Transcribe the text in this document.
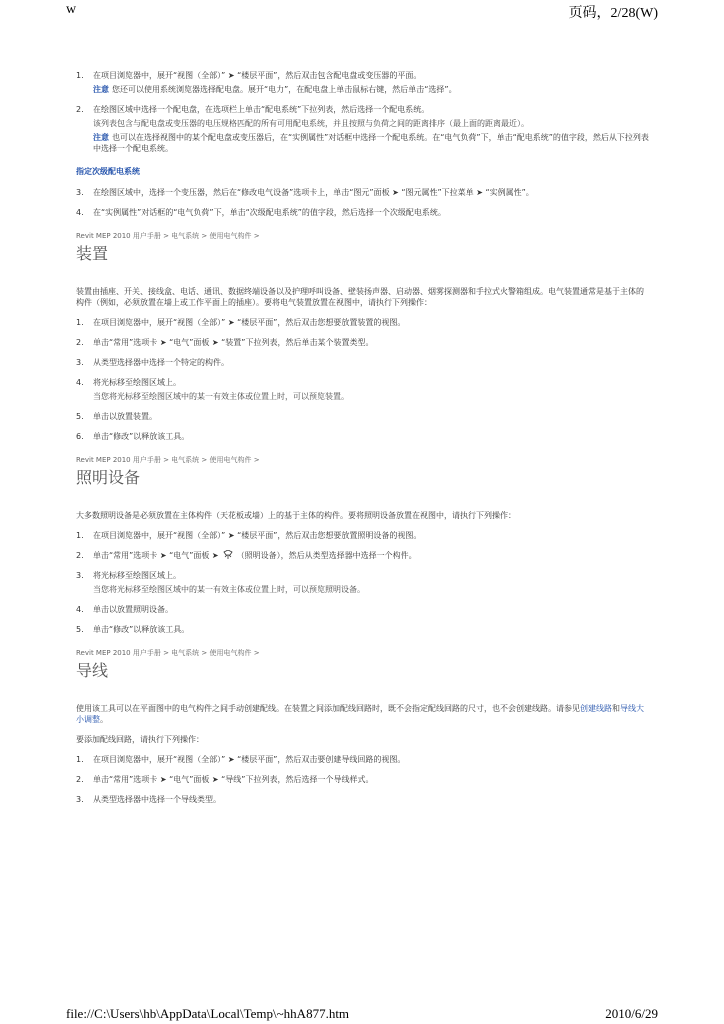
w	页码，2/28(W)
1. 在项目浏览器中，展开“视图（全部）” ➤ “楼层平面”，然后双击包含配电盘或变压器的平面。
注意 您还可以使用系统浏览器选择配电盘。展开“电力”，在配电盘上单击鼠标右键，然后单击“选择”。
2. 在绘图区域中选择一个配电盘，在选项栏上单击“配电系统”下拉列表，然后选择一个配电系统。
该列表包含与配电盘或变压器的电压规格匹配的所有可用配电系统，并且按照与负荷之间的距离排序（最上面的距离最近）。
注意 也可以在选择视图中的某个配电盘或变压器后，在“实例属性”对话框中选择一个配电系统。在“电气负荷”下，单击“配电系统”的值字段，然后从下拉列表中选择一个配电系统。
指定次级配电系统
3. 在绘图区域中，选择一个变压器，然后在“修改电气设备”选项卡上，单击“图元”面板 ➤ “图元属性”下拉菜单 ➤ “实例属性”。
4. 在“实例属性”对话框的“电气负荷”下，单击“次级配电系统”的值字段，然后选择一个次级配电系统。
Revit MEP 2010 用户手册 > 电气系统 > 使用电气构件 >
装置
装置由插座、开关、接线盒、电话、通讯、数据终端设备以及护理呼叫设备、壁装扬声器、启动器、烟雾探测器和手拉式火警箱组成。电气装置通常是基于主体的构件（例如，必须放置在墙上或工作平面上的插座）。要将电气装置放置在视图中，请执行下列操作：
1. 在项目浏览器中，展开“视图（全部）” ➤ “楼层平面”，然后双击您想要放置装置的视图。
2. 单击“常用”选项卡 ➤ “电气”面板 ➤ “装置”下拉列表，然后单击某个装置类型。
3. 从类型选择器中选择一个特定的构件。
4. 将光标移至绘图区域上。
当您将光标移至绘图区域中的某一有效主体或位置上时，可以预览装置。
5. 单击以放置装置。
6. 单击“修改”以释放该工具。
Revit MEP 2010 用户手册 > 电气系统 > 使用电气构件 >
照明设备
大多数照明设备是必须放置在主体构件（天花板或墙）上的基于主体的构件。要将照明设备放置在视图中，请执行下列操作：
1. 在项目浏览器中，展开“视图（全部）” ➤ “楼层平面”，然后双击您想要放置照明设备的视图。
2. 单击“常用”选项卡 ➤ “电气”面板 ➤ （照明设备），然后从类型选择器中选择一个构件。
3. 将光标移至绘图区域上。
当您将光标移至绘图区域中的某一有效主体或位置上时，可以预览照明设备。
4. 单击以放置照明设备。
5. 单击“修改”以释放该工具。
Revit MEP 2010 用户手册 > 电气系统 > 使用电气构件 >
导线
使用该工具可以在平面图中的电气构件之间手动创建配线。在装置之间添加配线回路时，既不会指定配线回路的尺寸，也不会创建线路。请参见创建线路和导线大小调整。
要添加配线回路，请执行下列操作：
1. 在项目浏览器中，展开“视图（全部）” ➤ “楼层平面”，然后双击要创建导线回路的视图。
2. 单击“常用”选项卡 ➤ “电气”面板 ➤ “导线”下拉列表，然后选择一个导线样式。
3. 从类型选择器中选择一个导线类型。
file://C:\Users\hb\AppData\Local\Temp\~hhA877.htm	2010/6/29
